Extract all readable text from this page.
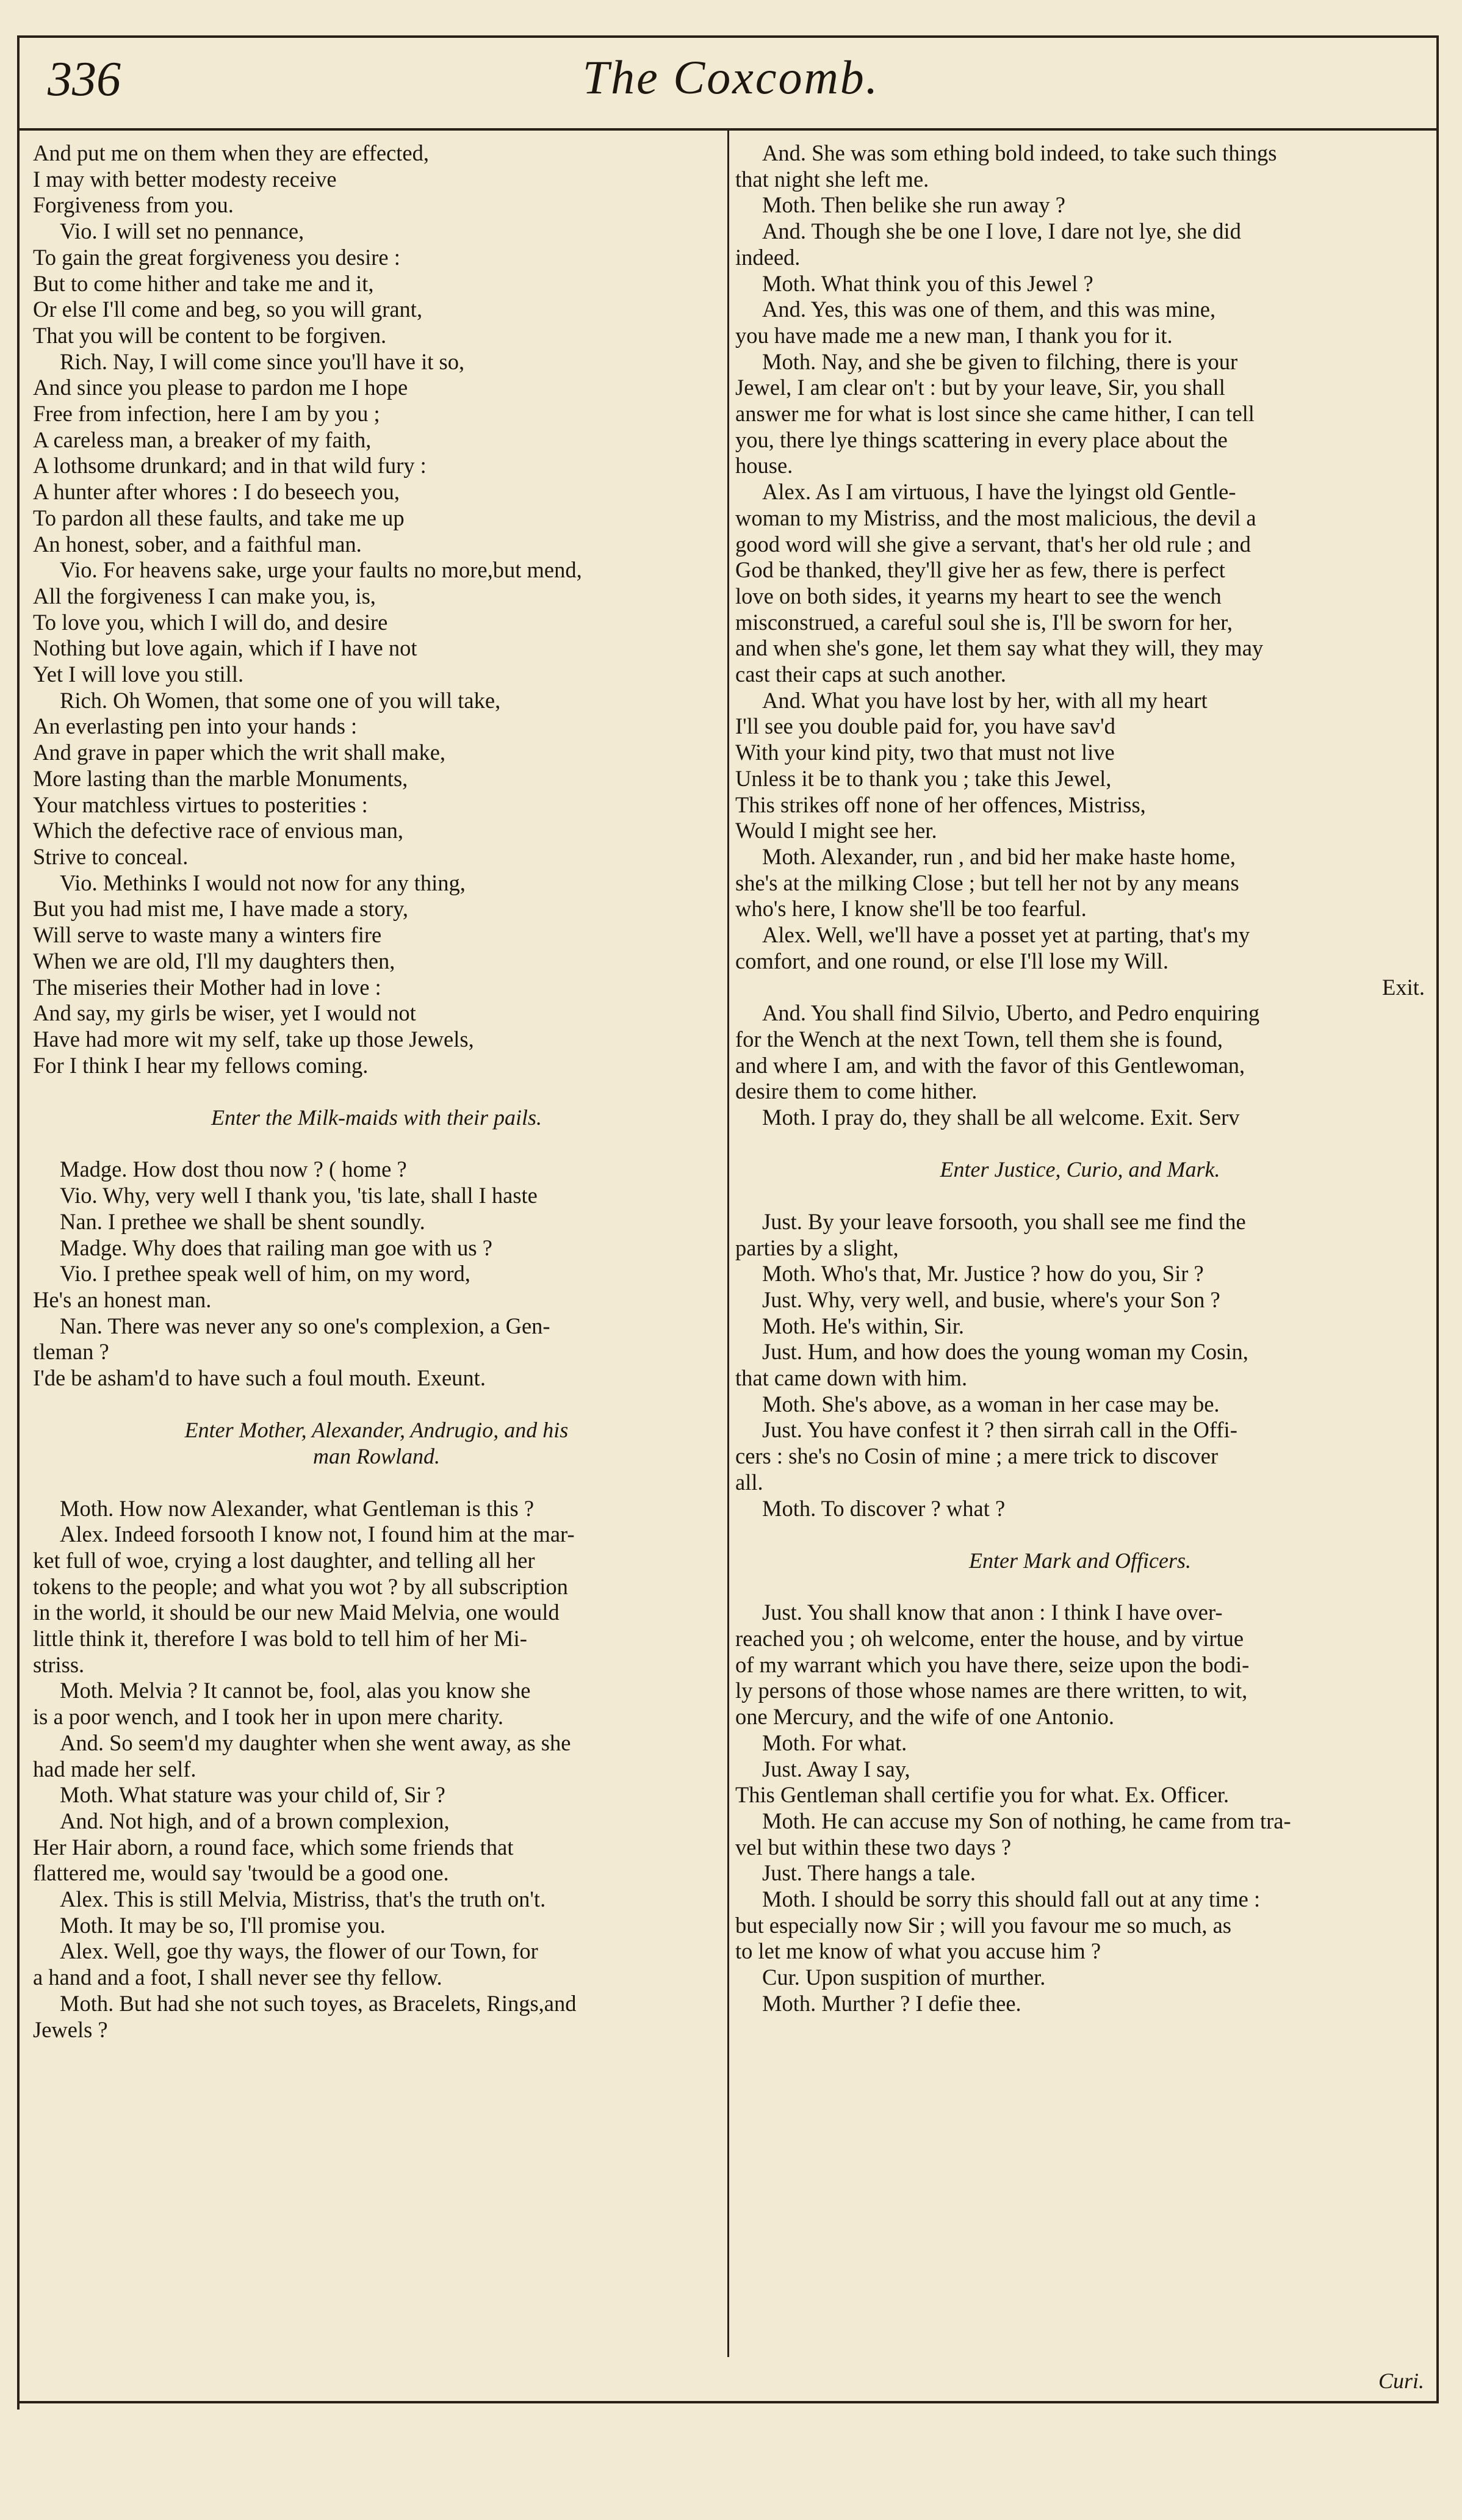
336	The Coxcomb.
And put me on them when they are effected,
I may with better modesty receive
Forgiveness from you.
Vio. I will set no pennance,
To gain the great forgiveness you desire :
But to come hither and take me and it,
Or else I'll come and beg, so you will grant,
That you will be content to be forgiven.
Rich. Nay, I will come since you'll have it so,
And since you please to pardon me I hope
Free from infection, here I am by you ;
A careless man, a breaker of my faith,
A lothsome drunkard; and in that wild fury :
A hunter after whores : I do beseech you,
To pardon all these faults, and take me up
An honest, sober, and a faithful man.
Vio. For heavens sake, urge your faults no more,but mend,
All the forgiveness I can make you, is,
To love you, which I will do, and desire
Nothing but love again, which if I have not
Yet I will love you still.
Rich. Oh Women, that some one of you will take,
An everlasting pen into your hands :
And grave in paper which the writ shall make,
More lasting than the marble Monuments,
Your matchless virtues to posterities :
Which the defective race of envious man,
Strive to conceal.
Vio. Methinks I would not now for any thing,
But you had mist me, I have made a story,
Will serve to waste many a winters fire
When we are old, I'll my daughters then,
The miseries their Mother had in love :
And say, my girls be wiser, yet I would not
Have had more wit my self, take up those Jewels,
For I think I hear my fellows coming.
Enter the Milk-maids with their pails.
Madge. How dost thou now ? ( home ?
Vio. Why, very well I thank you, 'tis late, shall I haste
Nan. I prethee we shall be shent soundly.
Madge. Why does that railing man goe with us ?
Vio. I prethee speak well of him, on my word,
He's an honest man.
Nan. There was never any so one's complexion, a Gen-
tleman ?
I'de be asham'd to have such a foul mouth. Exeunt.
Enter Mother, Alexander, Andrugio, and his
man Rowland.
Moth. How now Alexander, what Gentleman is this ?
Alex. Indeed forsooth I know not, I found him at the mar-
ket full of woe, crying a lost daughter, and telling all her
tokens to the people; and what you wot ? by all subscription
in the world, it should be our new Maid Melvia, one would
little think it, therefore I was bold to tell him of her Mi-
striss.
Moth. Melvia ? It cannot be, fool, alas you know she
is a poor wench, and I took her in upon mere charity.
And. So seem'd my daughter when she went away, as she
had made her self.
Moth. What stature was your child of, Sir ?
And. Not high, and of a brown complexion,
Her Hair aborn, a round face, which some friends that
flattered me, would say 'twould be a good one.
Alex. This is still Melvia, Mistriss, that's the truth on't.
Moth. It may be so, I'll promise you.
Alex. Well, goe thy ways, the flower of our Town, for
a hand and a foot, I shall never see thy fellow.
Moth. But had she not such toyes, as Bracelets, Rings,and
Jewels ?
And. She was som ething bold indeed, to take such things
that night she left me.
Moth. Then belike she run away ?
And. Though she be one I love, I dare not lye, she did
indeed.
Moth. What think you of this Jewel ?
And. Yes, this was one of them, and this was mine,
you have made me a new man, I thank you for it.
Moth. Nay, and she be given to filching, there is your
Jewel, I am clear on't : but by your leave, Sir, you shall
answer me for what is lost since she came hither, I can tell
you, there lye things scattering in every place about the
house.
Alex. As I am virtuous, I have the lyingst old Gentle-
woman to my Mistriss, and the most malicious, the devil a
good word will she give a servant, that's her old rule ; and
God be thanked, they'll give her as few, there is perfect
love on both sides, it yearns my heart to see the wench
misconstrued, a careful soul she is, I'll be sworn for her,
and when she's gone, let them say what they will, they may
cast their caps at such another.
And. What you have lost by her, with all my heart
I'll see you double paid for, you have sav'd
With your kind pity, two that must not live
Unless it be to thank you ; take this Jewel,
This strikes off none of her offences, Mistriss,
Would I might see her.
Moth. Alexander, run , and bid her make haste home,
she's at the milking Close ; but tell her not by any means
who's here, I know she'll be too fearful.
Alex. Well, we'll have a posset yet at parting, that's my
comfort, and one round, or else I'll lose my Will.
Exit.
And. You shall find Silvio, Uberto, and Pedro enquiring
for the Wench at the next Town, tell them she is found,
and where I am, and with the favor of this Gentlewoman,
desire them to come hither.
Moth. I pray do, they shall be all welcome. Exit. Serv
Enter Justice, Curio, and Mark.
Just. By your leave forsooth, you shall see me find the
parties by a slight,
Moth. Who's that, Mr. Justice ? how do you, Sir ?
Just. Why, very well, and busie, where's your Son ?
Moth. He's within, Sir.
Just. Hum, and how does the young woman my Cosin,
that came down with him.
Moth. She's above, as a woman in her case may be.
Just. You have confest it ? then sirrah call in the Offi-
cers : she's no Cosin of mine ; a mere trick to discover
all.
Moth. To discover ? what ?
Enter Mark and Officers.
Just. You shall know that anon : I think I have over-
reached you ; oh welcome, enter the house, and by virtue
of my warrant which you have there, seize upon the bodi-
ly persons of those whose names are there written, to wit,
one Mercury, and the wife of one Antonio.
Moth. For what.
Just. Away I say,
This Gentleman shall certifie you for what. Ex. Officer.
Moth. He can accuse my Son of nothing, he came from tra-
vel but within these two days ?
Just. There hangs a tale.
Moth. I should be sorry this should fall out at any time :
but especially now Sir ; will you favour me so much, as
to let me know of what you accuse him ?
Cur. Upon suspition of murther.
Moth. Murther ? I defie thee.
Curi.
